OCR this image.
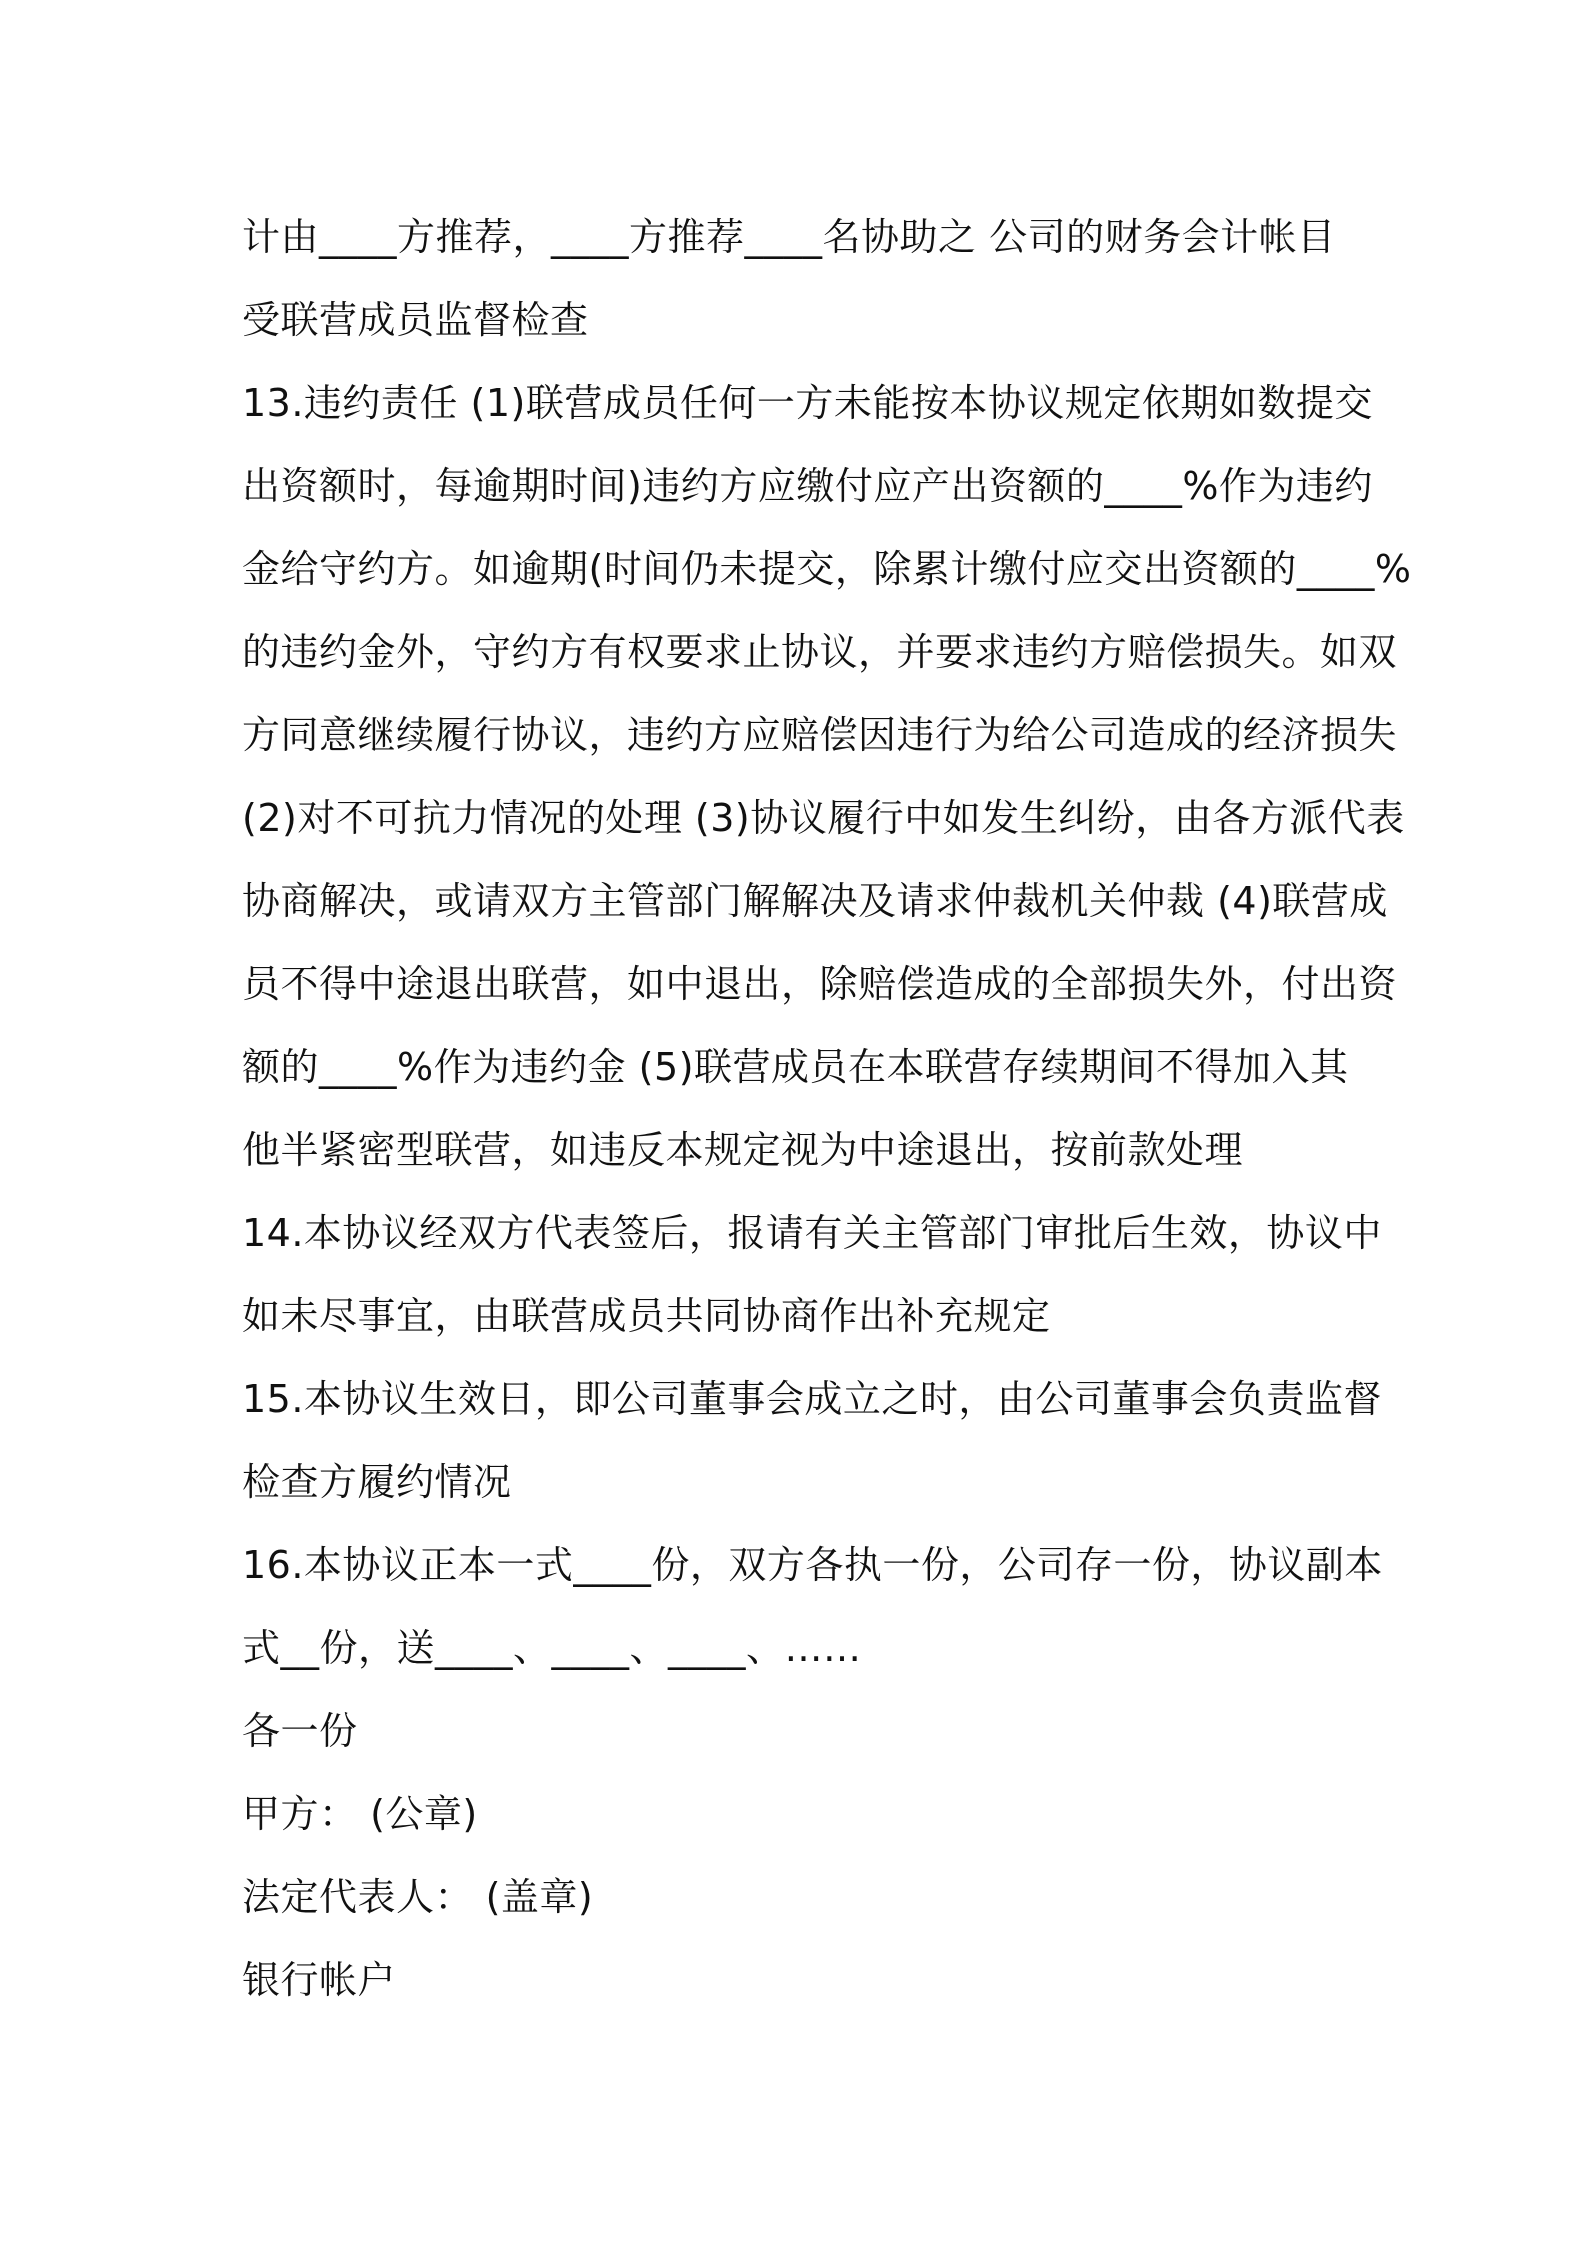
计由____方推荐，____方推荐____名协助之 公司的财务会计帐目
受联营成员监督检查
13.违约责任 (1)联营成员任何一方未能按本协议规定依期如数提交
出资额时，每逾期时间)违约方应缴付应产出资额的____%作为违约
金给守约方。如逾期(时间仍未提交，除累计缴付应交出资额的____%
的违约金外，守约方有权要求止协议，并要求违约方赔偿损失。如双
方同意继续履行协议，违约方应赔偿因违行为给公司造成的经济损失
(2)对不可抗力情况的处理 (3)协议履行中如发生纠纷，由各方派代表
协商解决，或请双方主管部门解解决及请求仲裁机关仲裁 (4)联营成
员不得中途退出联营，如中退出，除赔偿造成的全部损失外，付出资
额的____%作为违约金 (5)联营成员在本联营存续期间不得加入其
他半紧密型联营，如违反本规定视为中途退出，按前款处理
14.本协议经双方代表签后，报请有关主管部门审批后生效，协议中
如未尽事宜，由联营成员共同协商作出补充规定
15.本协议生效日，即公司董事会成立之时，由公司董事会负责监督
检查方履约情况
16.本协议正本一式____份，双方各执一份，公司存一份，协议副本
式__份，送____、____、____、……
各一份
甲方： (公章)
法定代表人： (盖章)
银行帐户
